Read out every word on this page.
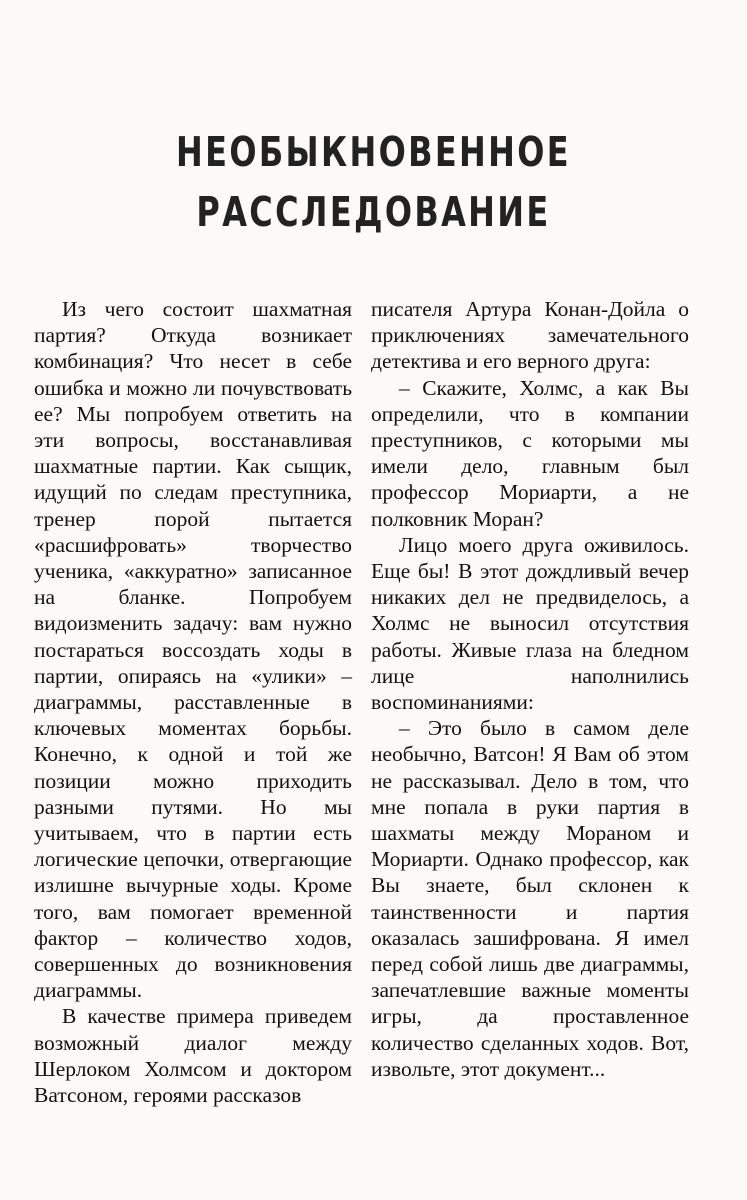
НЕОБЫКНОВЕННОЕ
РАССЛЕДОВАНИЕ

Из чего состоит шахматная партия? Откуда возникает комбинация? Что несет в себе ошибка и можно ли почувствовать ее? Мы попробуем ответить на эти вопросы, восстанавливая шахматные партии. Как сыщик, идущий по следам преступника, тренер порой пытается «расшифровать» творчество ученика, «аккуратно» записанное на бланке. Попробуем видоизменить задачу: вам нужно постараться воссоздать ходы в партии, опираясь на «улики» – диаграммы, расставленные в ключевых моментах борьбы. Конечно, к одной и той же позиции можно приходить разными путями. Но мы учитываем, что в партии есть логические цепочки, отвергающие излишне вычурные ходы. Кроме того, вам помогает временной фактор – количество ходов, совершенных до возникновения диаграммы.

В качестве примера приведем возможный диалог между Шерлоком Холмсом и доктором Ватсоном, героями рассказов

писателя Артура Конан-Дойла о приключениях замечательного детектива и его верного друга:

– Скажите, Холмс, а как Вы определили, что в компании преступников, с которыми мы имели дело, главным был профессор Мориарти, а не полковник Моран?

Лицо моего друга оживилось. Еще бы! В этот дождливый вечер никаких дел не предвиделось, а Холмс не выносил отсутствия работы. Живые глаза на бледном лице наполнились воспоминаниями:

– Это было в самом деле необычно, Ватсон! Я Вам об этом не рассказывал. Дело в том, что мне попала в руки партия в шахматы между Мораном и Мориарти. Однако профессор, как Вы знаете, был склонен к таинственности и партия оказалась зашифрована. Я имел перед собой лишь две диаграммы, запечатлевшие важные моменты игры, да проставленное количество сделанных ходов. Вот, извольте, этот документ...
